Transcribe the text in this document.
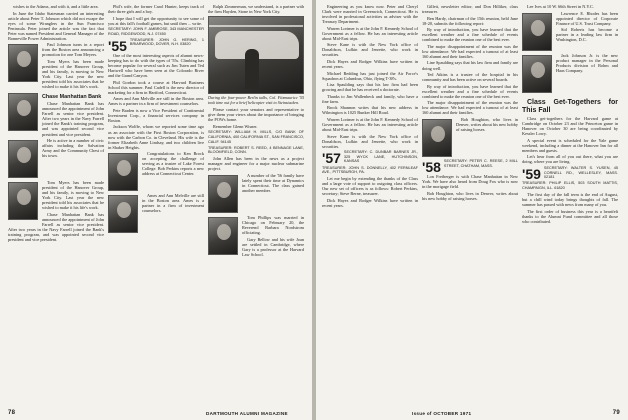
wishes to the Adams, and with it, and a little area.

In June the Idaho Statesman carried an interesting article about Peter T. Johnson which did not escape the eyes of some Wranglers in the Sun Francisco Peninsula. Peter joined the article was the fact that Peter was named President and General Manager of the Bonneville Power Administration.

Paul Johnson turns in a report from the Boston area announcing a promotion for one Tom Meyers.

Tom Myers has been made president of the Hanover Group, and his family, is moving to New York City. Last year the new president told his associates that he wished to make it his life's work.

Chase Manhattan Bank

Chase Manhattan Bank has announced the appointment of John Farrell as senior vice president. After two years in the Navy Farrell joined the Bank's training program, and was appointed second vice president and vice president.

He is active in a number of civic affairs including the Salvation Army and the Community Chest of his town.

Tom Myers has been made president of the Hanover Group, and his family, is moving to New York City. Last year the new president told his associates that he wished to make it his life's work.

Chase Manhattan Bank has announced the appointment of John Farrell as senior vice president. After two years in the Navy Farrell joined the Bank's training program, and was appointed second vice president and vice president.

Phil's wife, the former Carol Hunter, keeps track of their three girls and a boy.

I hope that I will get the opportunity to see some of you at this fall's football games, but until then ... write.

SECRETARY: JOHN F. AMBROSE, 343 MANCHESTER ROAD, RIDGEWOOD, N.J. 07450

'55 TREASURER: JOHN G. HERING, 1 BRIARWOOD, DOVER, N.H. 03820

One of the most interesting aspects of alumni news-keeping has to do with the types of '55s. Climbing has become popular for several such as Jim Tuten and Ted Hartwell who have been seen at the Colorado River and the Grand Canyon.

Phil Gordon took a course at Harvard Business School this summer. Paul Cadell is the new director of marketing for a firm in Hartford, Connecticut.

Ames and Ann Melville are still in the Boston area. Ames is a partner in a firm of investment counselors.

Pete Braden is now a Vice President of Continental Investment Corp., a financial services company in Boston.

Jackson Wolffe, whom we reported some time ago as an associate with the First Boston Corporation, is now with the Carbon Co. in Cleveland. His wife is the former Elizabeth Anne Lindsay, and two children live in Shaker Heights.

Congratulations to Ken Brock on accepting the challenge of serving as a trustee of Lake Forest College. Bob Perkins reports a new address at Connecticut Center.

Ames and Ann Melville are still in the Boston area. Ames is a partner in a firm of investment counselors.

Ralph Zimmerman, we understand, is a partner with the firm Hayden, Stone in New York City.

During the four-power Berlin talks, Col. Fitzmaurice '55 took time out for a brief helicopter visit to Steinstucken.

Please contact your senators and representative to give them your views about the importance of bringing the POWs home.

Remember Glenn Wisner.

SECRETARY: WILLIAM H. MILLS, C/O BANK OF CALIFORNIA, 400 CALIFORNIA ST., SAN FRANCISCO, CALIF. 94145

TREASURER: ROBERT S. REED, 4 BENNAGE LANE, BLOOMFIELD, CONN.

John Allen has been in the news as a project manager and engineer for a major nuclear submarine project.

A number of the '56 family have lately spent their time at Dynamics in Connecticut. The class gained another member.

Tom Phillips was married in Chicago on February 20, the Reverend Barbara Nordstrom officiating.

Gary Bellow and his wife Joan are settled in Cambridge, where Gary is a professor at the Harvard Law School.

78	DARTMOUTH ALUMNI MAGAZINE

Engineering as you know now. Peter and Cheryl Clark were married in Greenwich, Connecticut. He is involved in professional activities as adviser with the Treasury Department.

Warren Lorimer is at the John F. Kennedy School of Government as a fellow. He has an interesting article about Mid-East trips.

Steve Kane is with the New York office of Donaldson, Lufkin and Jenrette, who work in securities.

Dick Hayes and Rodger Wilkins have written in recent years.

Michael Redding has just joined the Air Force's Squadron at Columbus, Ohio, flying T-38's.

Lisa Spaulding says that his law firm had been growing and that he has received a doctorate.

Thanks to Jim Wallenbeck and family, who have a fine farm.

Brock Shannon writes that his new address in Wilmington is 1025 Bunker Hill Road.

Warren Lorimer is at the John F. Kennedy School of Government as a fellow. He has an interesting article about Mid-East trips.

Steve Kane is with the New York office of Donaldson, Lufkin and Jenrette, who work in securities.

'57 SECRETARY: C. DUNBAR BARNES JR., 325 WYCK LANE, HUTCHINSON, KANSAS

TREASURER: JOHN S. DONNELLY, 402 FERNLEAF AVE., PITTSBURGH, PA.

Let me begin by extending the thanks of the Class and a large vote of support to outgoing class officers. Our new set of officers is as follows: Robert Perkins, secretary; Steve Berne, treasurer.

Dick Hayes and Rodger Wilkins have written in recent years.

Gillett, newsletter editor; and Don Hilliker, class treasurer.

Ben Hardy, chairman of the 15th reunion, held June 18-20, submits the following report:

By way of introduction, you have learned that the excellent weather and a fine schedule of events combined to make the reunion one of the best ever.

The major disappointment of the reunion was the low attendance. We had expected a turnout of at least 160 alumni and their families.

Line Spaulding says that his law firm and family are doing well.

Ted Atkins is a trustee of the hospital in his community and has been active on several boards.

By way of introduction, you have learned that the excellent weather and a fine schedule of events combined to make the reunion one of the best ever.

The major disappointment of the reunion was the low attendance. We had expected a turnout of at least 160 alumni and their families.

Bob Houghton, who lives in Denver, writes about his new hobby of raising horses.

'58 SECRETARY: PETER C. REESE, 2 MILL STREET, CHATHAM, MASS.

Lon Freiberger is with Chase Manhattan in New York. We have also heard from Doug Fox who is now in the mortgage field.

Bob Houghton, who lives in Denver, writes about his new hobby of raising horses.

Lee Ives at 10 W. 66th Street in N.Y.C.

Lawrence E. Rhodes has been appointed director of Corporate Finance of U.S. Trust Company.

Sid Roberts has become a partner in a leading law firm in Washington, D.C.

Jack Johnson Jr. is the new product manager in the Personal Products division of Rohm and Haas Company.

Class Get-Togethers for This Fall

Class get-togethers for the Harvard game at Cambridge on October 23 and the Princeton game in Hanover on October 30 are being coordinated by Kessler Lowy.

A special event is scheduled for the Yale game weekend, including a dinner at the Hanover Inn for all members and guests.

Let's hear from all of you out there, what you are doing, where you are living.

'59 SECRETARY: WALTER S. YUSEN, 45 CORNELL RD., WELLESLEY, MASS. 02181

TREASURER: PHILIP ELLIS, 503 SOUTH MATTIS, CHAMPAIGN, ILL. 61820

The first day of the fall term is the end of August, but a chill wind today brings thoughts of fall. The summer has passed with news from many of you.

The first order of business this year is a heartfelt thanks to the Alumni Fund committee and all those who contributed.

Issue of OCTOBER 1971	79
